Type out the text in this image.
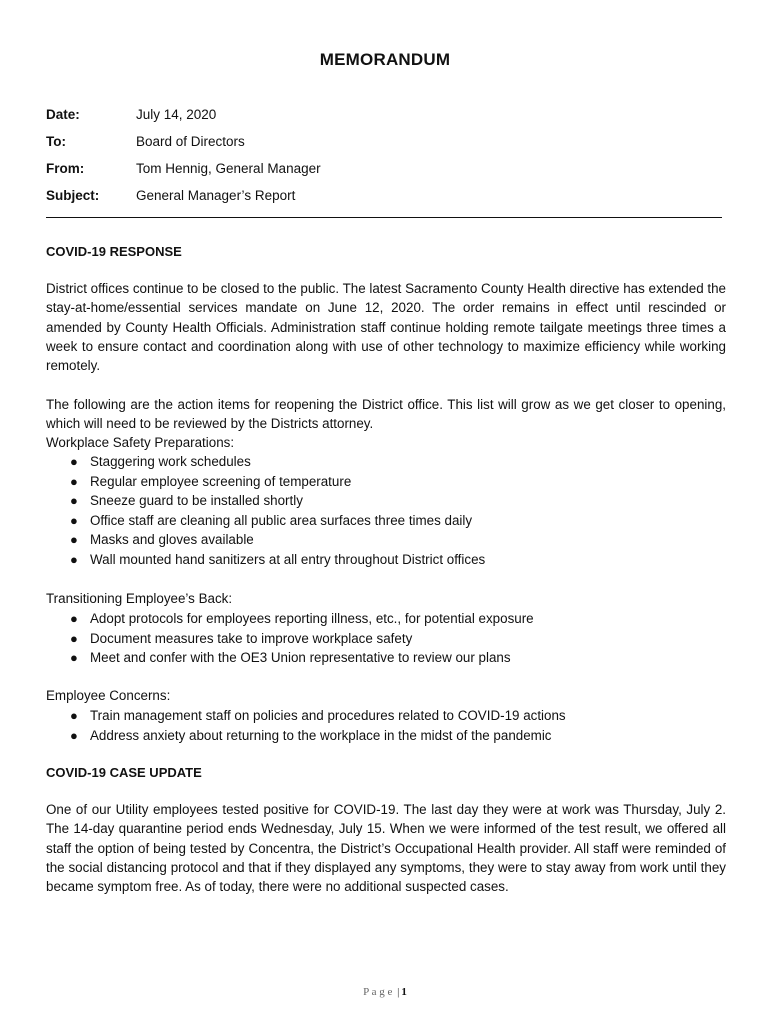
MEMORANDUM
Date:	July 14, 2020
To:	Board of Directors
From:	Tom Hennig, General Manager
Subject:	General Manager’s Report
COVID-19 RESPONSE

District offices continue to be closed to the public. The latest Sacramento County Health directive has extended the stay-at-home/essential services mandate on June 12, 2020. The order remains in effect until rescinded or amended by County Health Officials. Administration staff continue holding remote tailgate meetings three times a week to ensure contact and coordination along with use of other technology to maximize efficiency while working remotely.

The following are the action items for reopening the District office. This list will grow as we get closer to opening, which will need to be reviewed by the Districts attorney.

Workplace Safety Preparations:
● Staggering work schedules
● Regular employee screening of temperature
● Sneeze guard to be installed shortly
● Office staff are cleaning all public area surfaces three times daily
● Masks and gloves available
● Wall mounted hand sanitizers at all entry throughout District offices
Transitioning Employee’s Back:
● Adopt protocols for employees reporting illness, etc., for potential exposure
● Document measures take to improve workplace safety
● Meet and confer with the OE3 Union representative to review our plans
Employee Concerns:
● Train management staff on policies and procedures related to COVID-19 actions
● Address anxiety about returning to the workplace in the midst of the pandemic
COVID-19 CASE UPDATE

One of our Utility employees tested positive for COVID-19. The last day they were at work was Thursday, July 2. The 14-day quarantine period ends Wednesday, July 15. When we were informed of the test result, we offered all staff the option of being tested by Concentra, the District’s Occupational Health provider. All staff were reminded of the social distancing protocol and that if they displayed any symptoms, they were to stay away from work until they became symptom free. As of today, there were no additional suspected cases.

P a g e | 1
